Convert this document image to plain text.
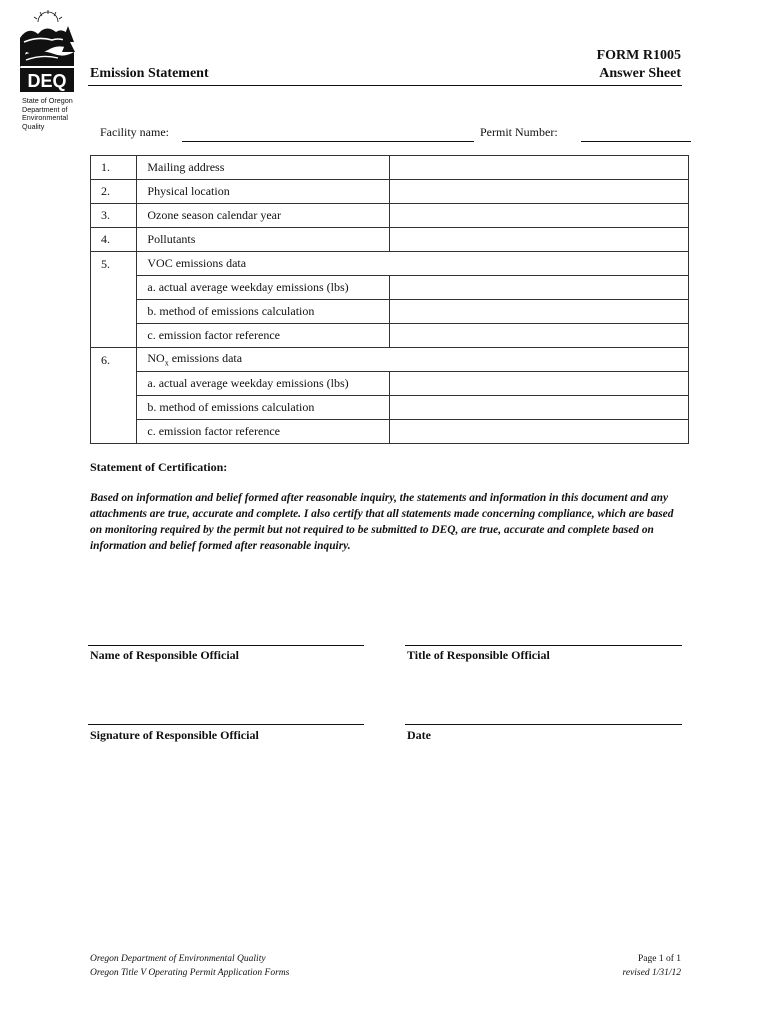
DEQ
State of Oregon
Department of
Environmental
Quality
Emission Statement
FORM R1005
Answer Sheet
Facility name:	Permit Number:
1.	Mailing address	
2.	Physical location	
3.	Ozone season calendar year	
4.	Pollutants	
5.	VOC emissions data	
	a. actual average weekday emissions (lbs)	
	b. method of emissions calculation	
	c. emission factor reference	
6.	$NO_x$ emissions data	
	a. actual average weekday emissions (lbs)	
	b. method of emissions calculation	
	c. emission factor reference	
Statement of Certification:
Based on information and belief formed after reasonable inquiry, the statements and information in this document and any attachments are true, accurate and complete. I also certify that all statements made concerning compliance, which are based on monitoring required by the permit but not required to be submitted to DEQ, are true, accurate and complete based on information and belief formed after reasonable inquiry.
Name of Responsible Official	Title of Responsible Official
Signature of Responsible Official	Date
Oregon Department of Environmental Quality
Oregon Title V Operating Permit Application Forms
Page 1 of 1
revised 1/31/12
